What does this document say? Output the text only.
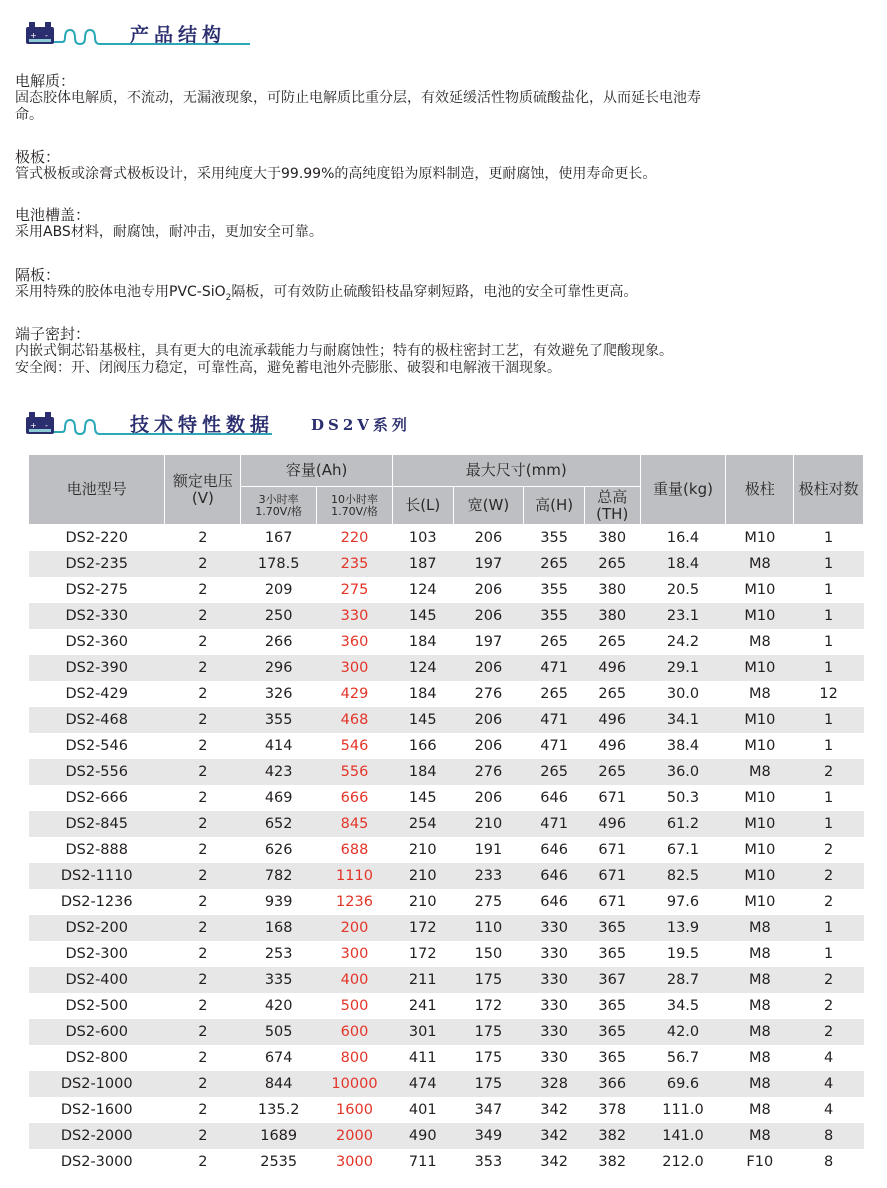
+ -	产品结构
电解质：
固态胶体电解质，不流动，无漏液现象，可防止电解质比重分层，有效延缓活性物质硫酸盐化，从而延长电池寿
命。
极板：
管式极板或涂膏式极板设计，采用纯度大于99.99%的高纯度铅为原料制造，更耐腐蚀，使用寿命更长。
电池槽盖：
采用ABS材料，耐腐蚀，耐冲击，更加安全可靠。
隔板：
采用特殊的胶体电池专用PVC-SiO$_2$隔板，可有效防止硫酸铅枝晶穿刺短路，电池的安全可靠性更高。
端子密封：
内嵌式铜芯铅基极柱，具有更大的电流承载能力与耐腐蚀性；特有的极柱密封工艺，有效避免了爬酸现象。
安全阀：开、闭阀压力稳定，可靠性高，避免蓄电池外壳膨胀、破裂和电解液干涸现象。
+ -	技术特性数据 DS2V系列
电池型号	额定电压(V)	容量(Ah)		最大尺寸(mm)				重量(kg)	极柱	极柱对数
		3小时率1.70V/格	10小时率1.70V/格	长(L)	宽(W)	高(H)	总高(TH)			
DS2-220	2	167	220	103	206	355	380	16.4	M10	1
DS2-235	2	178.5	235	187	197	265	265	18.4	M8	1
DS2-275	2	209	275	124	206	355	380	20.5	M10	1
DS2-330	2	250	330	145	206	355	380	23.1	M10	1
DS2-360	2	266	360	184	197	265	265	24.2	M8	1
DS2-390	2	296	300	124	206	471	496	29.1	M10	1
DS2-429	2	326	429	184	276	265	265	30.0	M8	12
DS2-468	2	355	468	145	206	471	496	34.1	M10	1
DS2-546	2	414	546	166	206	471	496	38.4	M10	1
DS2-556	2	423	556	184	276	265	265	36.0	M8	2
DS2-666	2	469	666	145	206	646	671	50.3	M10	1
DS2-845	2	652	845	254	210	471	496	61.2	M10	1
DS2-888	2	626	688	210	191	646	671	67.1	M10	2
DS2-1110	2	782	1110	210	233	646	671	82.5	M10	2
DS2-1236	2	939	1236	210	275	646	671	97.6	M10	2
DS2-200	2	168	200	172	110	330	365	13.9	M8	1
DS2-300	2	253	300	172	150	330	365	19.5	M8	1
DS2-400	2	335	400	211	175	330	367	28.7	M8	2
DS2-500	2	420	500	241	172	330	365	34.5	M8	2
DS2-600	2	505	600	301	175	330	365	42.0	M8	2
DS2-800	2	674	800	411	175	330	365	56.7	M8	4
DS2-1000	2	844	10000	474	175	328	366	69.6	M8	4
DS2-1600	2	135.2	1600	401	347	342	378	111.0	M8	4
DS2-2000	2	1689	2000	490	349	342	382	141.0	M8	8
DS2-3000	2	2535	3000	711	353	342	382	212.0	F10	8
